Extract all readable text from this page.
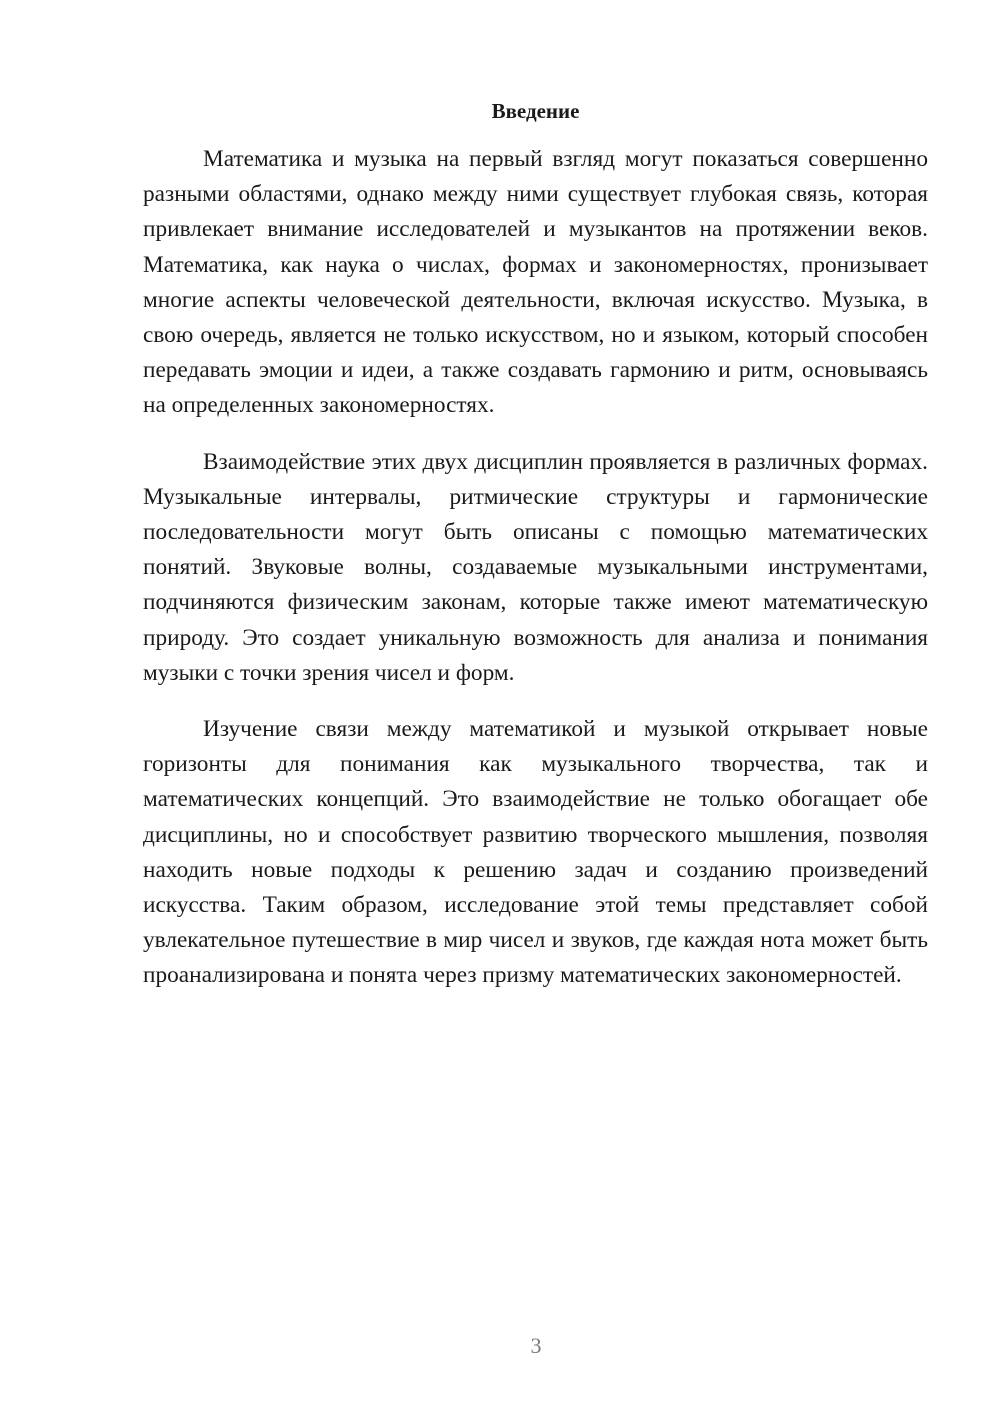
Введение

Математика и музыка на первый взгляд могут показаться совершенно разными областями, однако между ними существует глубокая связь, которая привлекает внимание исследователей и музыкантов на протяжении веков. Математика, как наука о числах, формах и закономерностях, пронизывает многие аспекты человеческой деятельности, включая искусство. Музыка, в свою очередь, является не только искусством, но и языком, который способен передавать эмоции и идеи, а также создавать гармонию и ритм, основываясь на определенных закономерностях.

Взаимодействие этих двух дисциплин проявляется в различных формах. Музыкальные интервалы, ритмические структуры и гармонические последовательности могут быть описаны с помощью математических понятий. Звуковые волны, создаваемые музыкальными инструментами, подчиняются физическим законам, которые также имеют математическую природу. Это создает уникальную возможность для анализа и понимания музыки с точки зрения чисел и форм.

Изучение связи между математикой и музыкой открывает новые горизонты для понимания как музыкального творчества, так и математических концепций. Это взаимодействие не только обогащает обе дисциплины, но и способствует развитию творческого мышления, позволяя находить новые подходы к решению задач и созданию произведений искусства. Таким образом, исследование этой темы представляет собой увлекательное путешествие в мир чисел и звуков, где каждая нота может быть проанализирована и понята через призму математических закономерностей.

3
